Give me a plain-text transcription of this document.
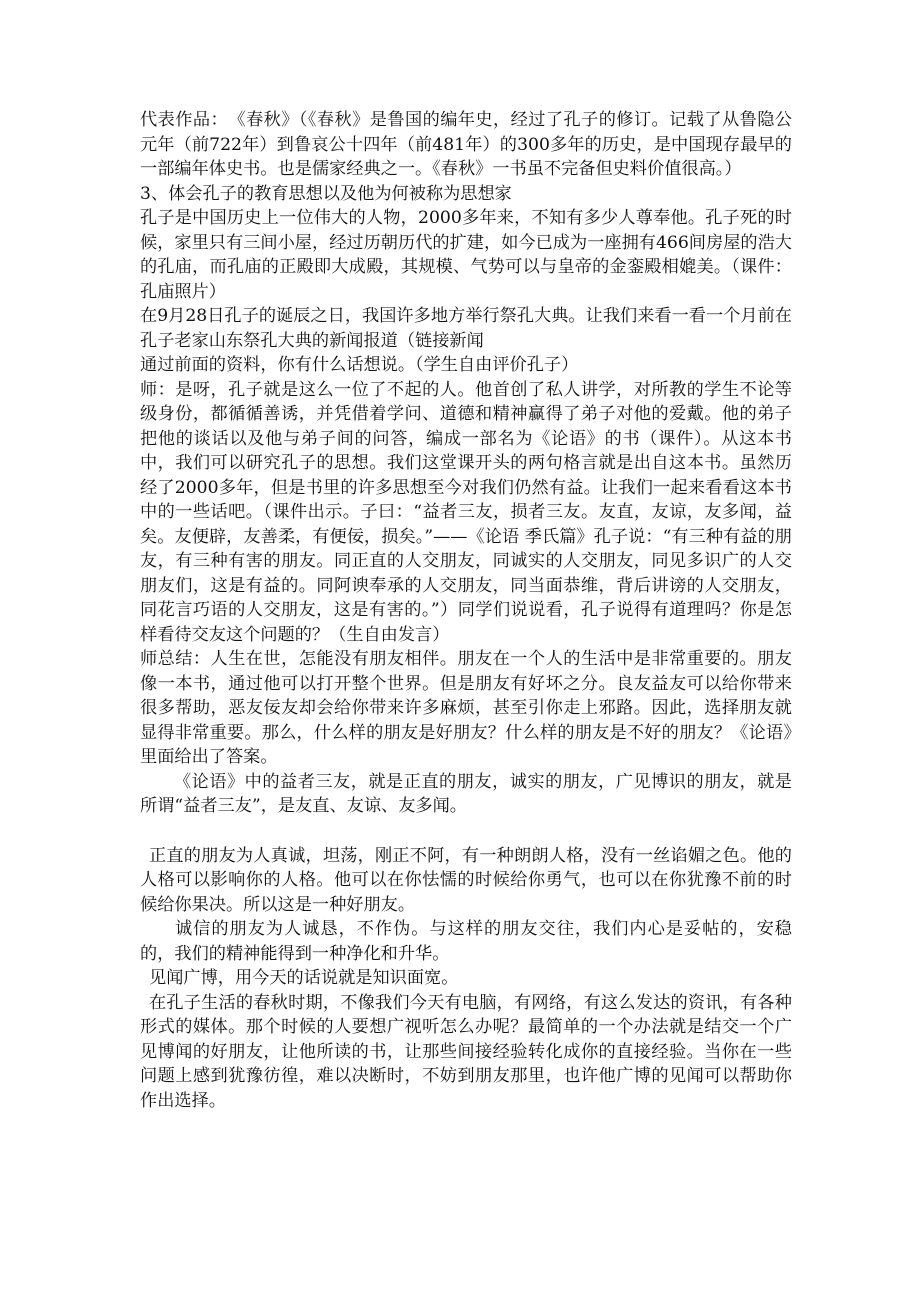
代表作品：　《春秋》（《春秋》是鲁国的编年史，经过了孔子的修订。记载了从鲁隐公元年（前722年）到鲁哀公十四年（前481年）的300多年的历史，是中国现存最早的一部编年体史书。也是儒家经典之一。《春秋》一书虽不完备但史料价值很高。）

3、体会孔子的教育思想以及他为何被称为思想家

孔子是中国历史上一位伟大的人物，2000多年来，不知有多少人尊奉他。孔子死的时候，家里只有三间小屋，经过历朝历代的扩建，如今已成为一座拥有466间房屋的浩大的孔庙，而孔庙的正殿即大成殿，其规模、气势可以与皇帝的金銮殿相媲美。（课件：孔庙照片）

在9月28日孔子的诞辰之日，我国许多地方举行祭孔大典。让我们来看一看一个月前在孔子老家山东祭孔大典的新闻报道（链接新闻

通过前面的资料，你有什么话想说。（学生自由评价孔子）

师：是呀，孔子就是这么一位了不起的人。他首创了私人讲学，对所教的学生不论等级身份，都循循善诱，并凭借着学问、道德和精神赢得了弟子对他的爱戴。他的弟子把他的谈话以及他与弟子间的问答，编成一部名为《论语》的书（课件）。从这本书中，我们可以研究孔子的思想。我们这堂课开头的两句格言就是出自这本书。虽然历经了2000多年，但是书里的许多思想至今对我们仍然有益。让我们一起来看看这本书中的一些话吧。（课件出示。子曰：“益者三友，损者三友。友直，友谅，友多闻，益矣。友便辟，友善柔，有便佞，损矣。”——《论语 季氏篇》孔子说：“有三种有益的朋友，有三种有害的朋友。同正直的人交朋友，同诚实的人交朋友，同见多识广的人交朋友们，这是有益的。同阿谀奉承的人交朋友，同当面恭维，背后讲谤的人交朋友，同花言巧语的人交朋友，这是有害的。”）同学们说说看，孔子说得有道理吗？你是怎样看待交友这个问题的？（生自由发言）

师总结：人生在世，怎能没有朋友相伴。朋友在一个人的生活中是非常重要的。朋友像一本书，通过他可以打开整个世界。但是朋友有好坏之分。良友益友可以给你带来很多帮助，恶友佞友却会给你带来许多麻烦，甚至引你走上邪路。因此，选择朋友就显得非常重要。那么，什么样的朋友是好朋友？什么样的朋友是不好的朋友？《论语》里面给出了答案。

《论语》中的益者三友，就是正直的朋友，诚实的朋友，广见博识的朋友，就是所谓“益者三友”，是友直、友谅、友多闻。

正直的朋友为人真诚，坦荡，刚正不阿，有一种朗朗人格，没有一丝谄媚之色。他的人格可以影响你的人格。他可以在你怯懦的时候给你勇气，也可以在你犹豫不前的时候给你果决。所以这是一种好朋友。

诚信的朋友为人诚恳，不作伪。与这样的朋友交往，我们内心是妥帖的，安稳的，我们的精神能得到一种净化和升华。

见闻广博，用今天的话说就是知识面宽。

在孔子生活的春秋时期，不像我们今天有电脑，有网络，有这么发达的资讯，有各种形式的媒体。那个时候的人要想广视听怎么办呢？最简单的一个办法就是结交一个广见博闻的好朋友，让他所读的书，让那些间接经验转化成你的直接经验。当你在一些问题上感到犹豫彷徨，难以决断时，不妨到朋友那里，也许他广博的见闻可以帮助你作出选择。
